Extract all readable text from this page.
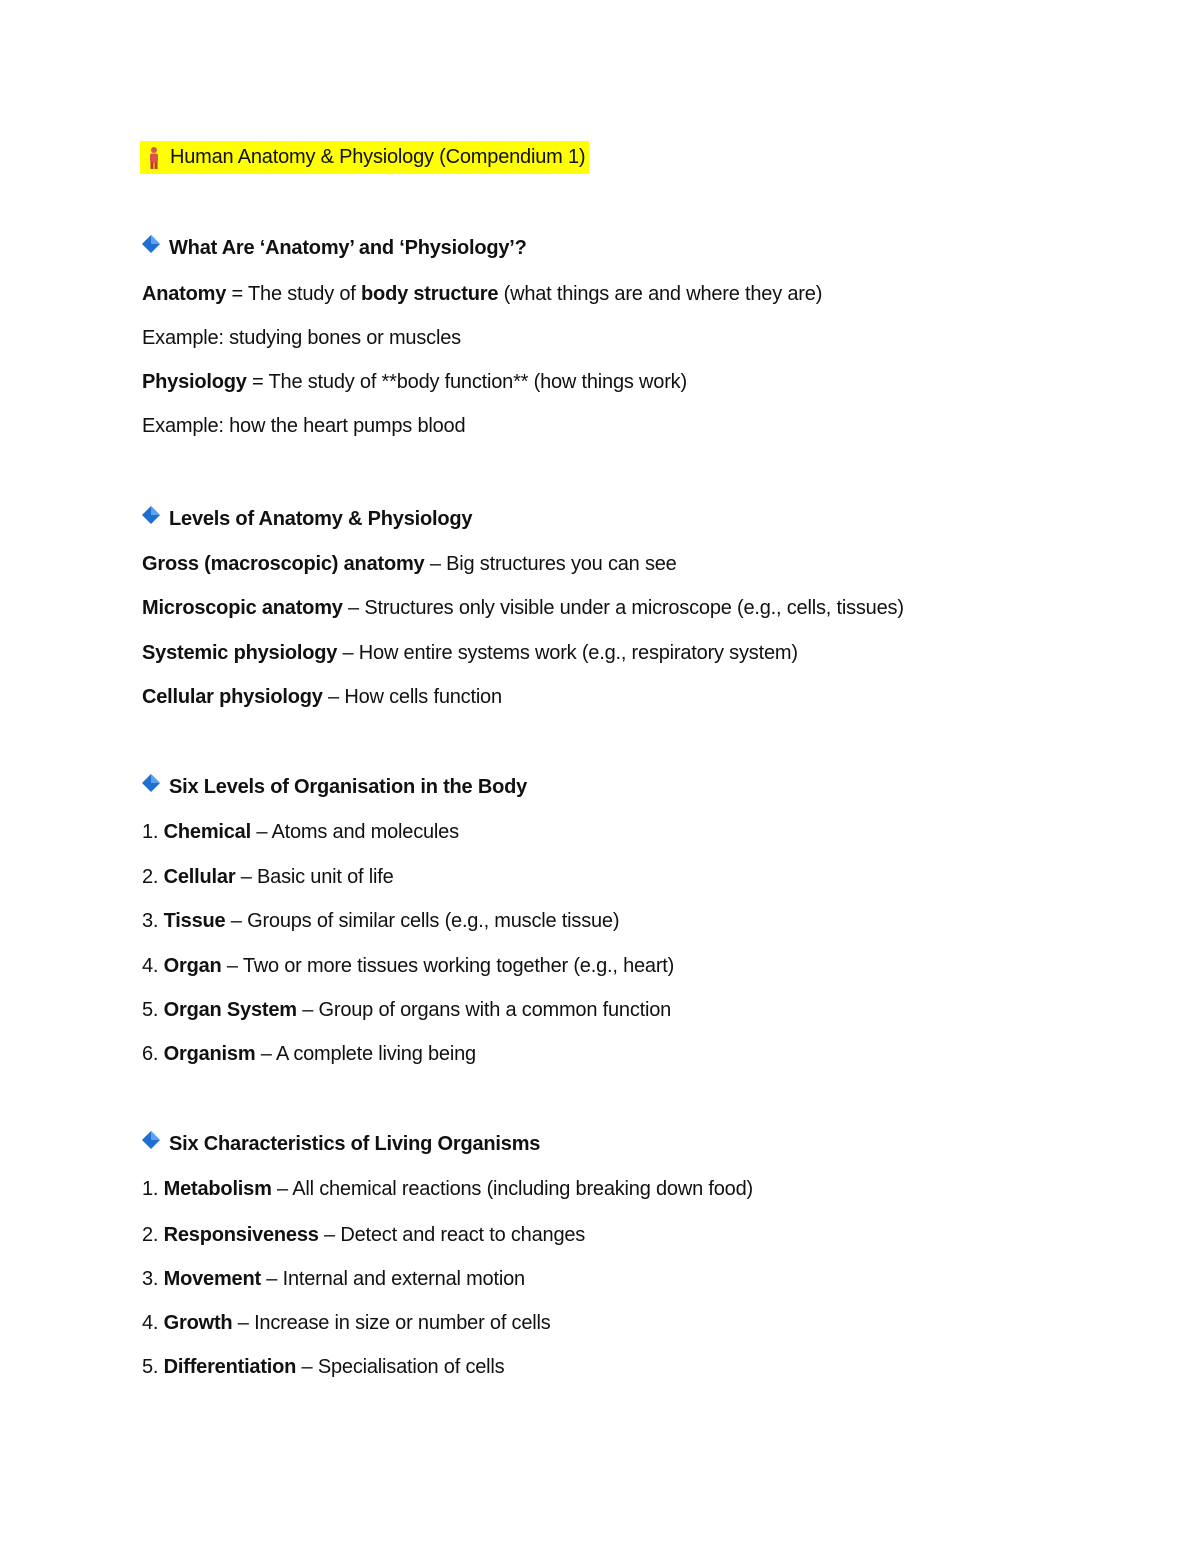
Human Anatomy & Physiology (Compendium 1)
What Are ‘Anatomy’ and ‘Physiology’?
Anatomy = The study of body structure (what things are and where they are)
Example: studying bones or muscles
Physiology = The study of **body function** (how things work)
Example: how the heart pumps blood
Levels of Anatomy & Physiology
Gross (macroscopic) anatomy – Big structures you can see
Microscopic anatomy – Structures only visible under a microscope (e.g., cells, tissues)
Systemic physiology – How entire systems work (e.g., respiratory system)
Cellular physiology – How cells function
Six Levels of Organisation in the Body
1. Chemical – Atoms and molecules
2. Cellular – Basic unit of life
3. Tissue – Groups of similar cells (e.g., muscle tissue)
4. Organ – Two or more tissues working together (e.g., heart)
5. Organ System – Group of organs with a common function
6. Organism – A complete living being
Six Characteristics of Living Organisms
1. Metabolism – All chemical reactions (including breaking down food)
2. Responsiveness – Detect and react to changes
3. Movement – Internal and external motion
4. Growth – Increase in size or number of cells
5. Differentiation – Specialisation of cells
